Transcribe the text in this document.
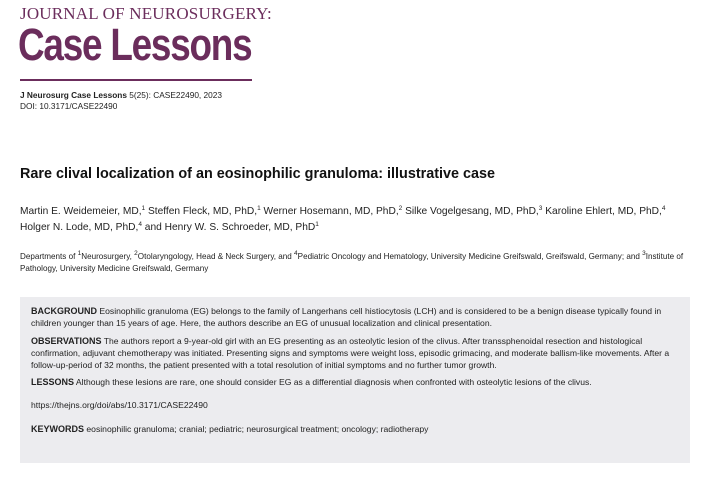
JOURNAL OF NEUROSURGERY:
Case Lessons
J Neurosurg Case Lessons 5(25): CASE22490, 2023
DOI: 10.3171/CASE22490
Rare clival localization of an eosinophilic granuloma: illustrative case
Martin E. Weidemeier, MD,$^1$ Steffen Fleck, MD, PhD,$^1$ Werner Hosemann, MD, PhD,$^2$ Silke Vogelgesang, MD, PhD,$^3$ Karoline Ehlert, MD, PhD,$^4$ Holger N. Lode, MD, PhD,$^4$ and Henry W. S. Schroeder, MD, PhD$^1$
Departments of $^1$Neurosurgery, $^2$Otolaryngology, Head & Neck Surgery, and $^4$Pediatric Oncology and Hematology, University Medicine Greifswald, Greifswald, Germany; and $^3$Institute of Pathology, University Medicine Greifswald, Germany

BACKGROUND Eosinophilic granuloma (EG) belongs to the family of Langerhans cell histiocytosis (LCH) and is considered to be a benign disease typically found in children younger than 15 years of age. Here, the authors describe an EG of unusual localization and clinical presentation.

OBSERVATIONS The authors report a 9-year-old girl with an EG presenting as an osteolytic lesion of the clivus. After transsphenoidal resection and histological confirmation, adjuvant chemotherapy was initiated. Presenting signs and symptoms were weight loss, episodic grimacing, and moderate ballism-like movements. After a follow-up-period of 32 months, the patient presented with a total resolution of initial symptoms and no further tumor growth.

LESSONS Although these lesions are rare, one should consider EG as a differential diagnosis when confronted with osteolytic lesions of the clivus.

https://thejns.org/doi/abs/10.3171/CASE22490

KEYWORDS eosinophilic granuloma; cranial; pediatric; neurosurgical treatment; oncology; radiotherapy
